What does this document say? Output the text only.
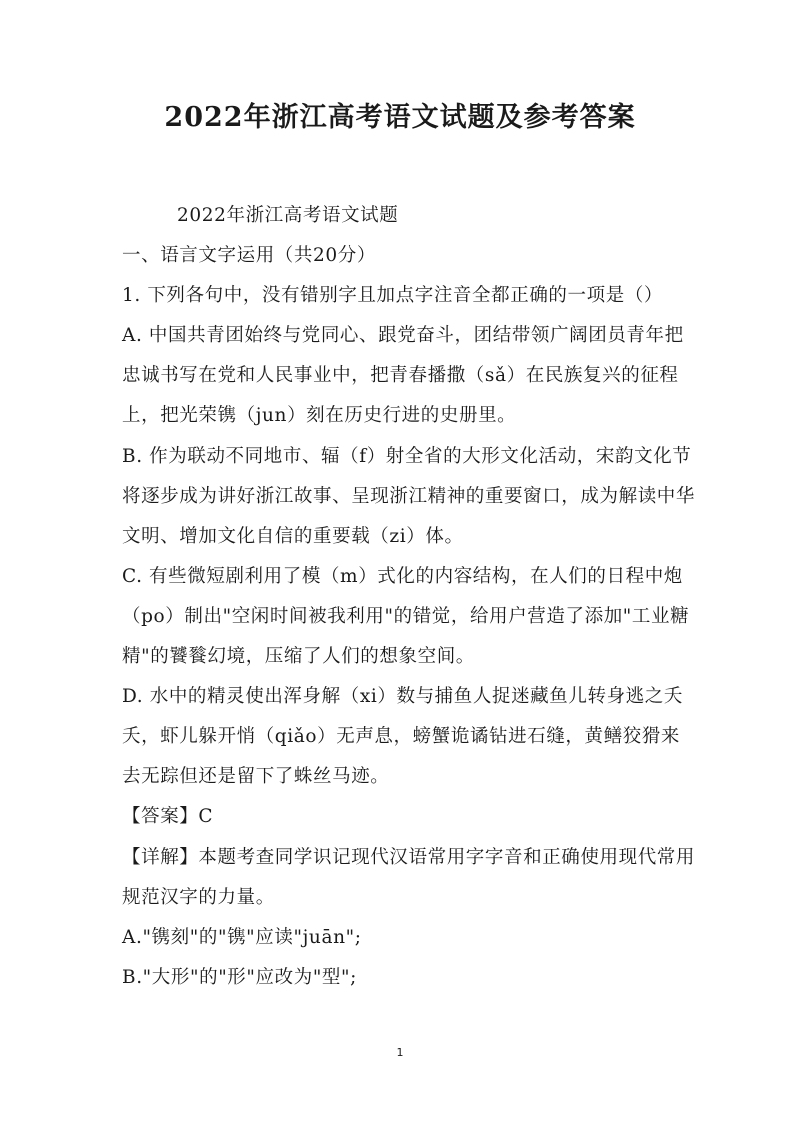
2022年浙江高考语文试题及参考答案
2022年浙江高考语文试题
一、语言文字运用（共20分）
1. 下列各句中，没有错别字且加点字注音全都正确的一项是（）
A. 中国共青团始终与党同心、跟党奋斗，团结带领广阔团员青年把
忠诚书写在党和人民事业中，把青春播撒（sǎ）在民族复兴的征程
上，把光荣镌（jun）刻在历史行进的史册里。
B. 作为联动不同地市、辐（f）射全省的大形文化活动，宋韵文化节
将逐步成为讲好浙江故事、呈现浙江精神的重要窗口，成为解读中华
文明、增加文化自信的重要载（zi）体。
C. 有些微短剧利用了模（m）式化的内容结构，在人们的日程中炮
（po）制出"空闲时间被我利用"的错觉，给用户营造了添加"工业糖
精"的饕餮幻境，压缩了人们的想象空间。
D. 水中的精灵使出浑身解（xi）数与捕鱼人捉迷藏鱼儿转身逃之夭
夭，虾儿躲开悄（qiǎo）无声息，螃蟹诡谲钻进石缝，黄鳝狡猾来
去无踪但还是留下了蛛丝马迹。
【答案】C
【详解】本题考查同学识记现代汉语常用字字音和正确使用现代常用
规范汉字的力量。
A."镌刻"的"镌"应读"juān";
B."大形"的"形"应改为"型";
1
